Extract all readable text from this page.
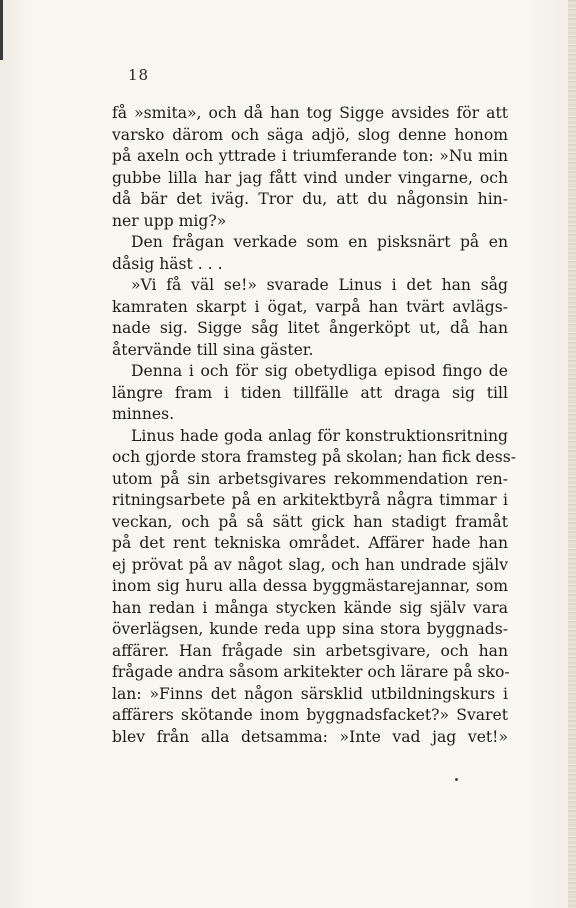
18
få »smita», och då han tog Sigge avsides för att
varsko därom och säga adjö, slog denne honom
på axeln och yttrade i triumferande ton: »Nu min
gubbe lilla har jag fått vind under vingarne, och
då bär det iväg. Tror du, att du någonsin hin-
ner upp mig?»
Den frågan verkade som en pisksnärt på en
dåsig häst . . .
»Vi få väl se!» svarade Linus i det han såg
kamraten skarpt i ögat, varpå han tvärt avlägs-
nade sig. Sigge såg litet ångerköpt ut, då han
återvände till sina gäster.
Denna i och för sig obetydliga episod fingo de
längre fram i tiden tillfälle att draga sig till
minnes.
Linus hade goda anlag för konstruktionsritning
och gjorde stora framsteg på skolan; han fick dess-
utom på sin arbetsgivares rekommendation ren-
ritningsarbete på en arkitektbyrå några timmar i
veckan, och på så sätt gick han stadigt framåt
på det rent tekniska området. Affärer hade han
ej prövat på av något slag, och han undrade själv
inom sig huru alla dessa byggmästarejannar, som
han redan i många stycken kände sig själv vara
överlägsen, kunde reda upp sina stora byggnads-
affärer. Han frågade sin arbetsgivare, och han
frågade andra såsom arkitekter och lärare på sko-
lan: »Finns det någon särsklid utbildningskurs i
affärers skötande inom byggnadsfacket?» Svaret
blev från alla detsamma: »Inte vad jag vet!»
